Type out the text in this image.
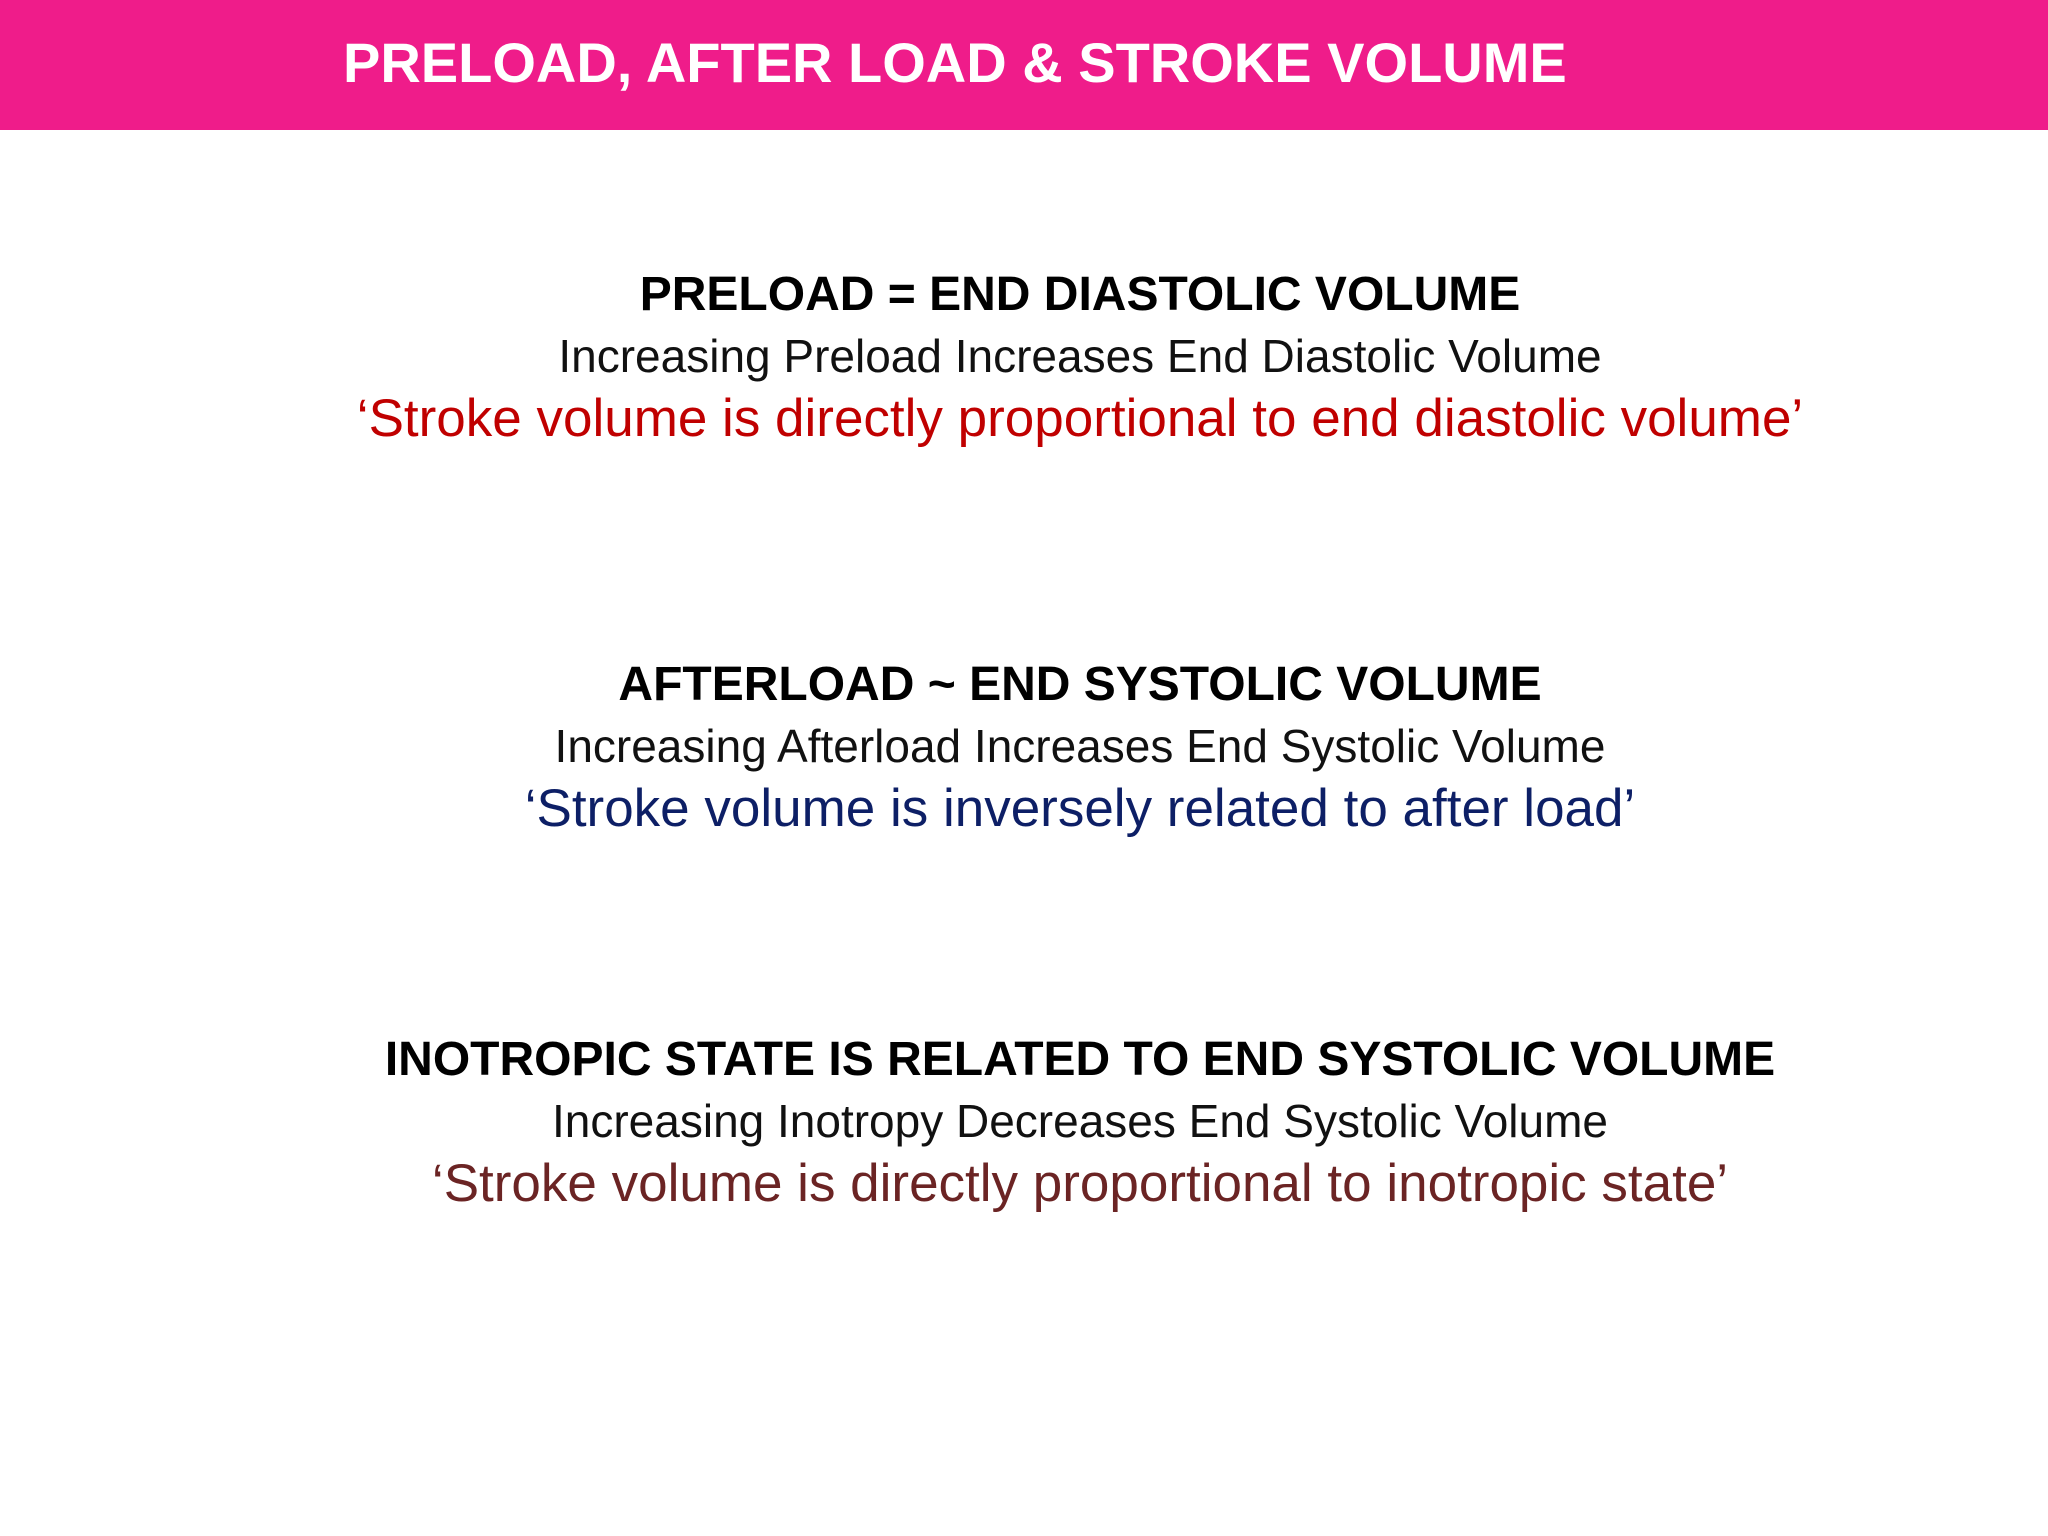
PRELOAD, AFTER LOAD & STROKE VOLUME
PRELOAD = END DIASTOLIC VOLUME
Increasing Preload Increases End Diastolic Volume
‘Stroke volume is directly proportional to end diastolic volume’
AFTERLOAD ~ END SYSTOLIC VOLUME
Increasing Afterload Increases End Systolic Volume
‘Stroke volume is inversely related to after load’
INOTROPIC STATE IS RELATED TO END SYSTOLIC VOLUME
Increasing Inotropy Decreases End Systolic Volume
‘Stroke volume is directly proportional to inotropic state’
